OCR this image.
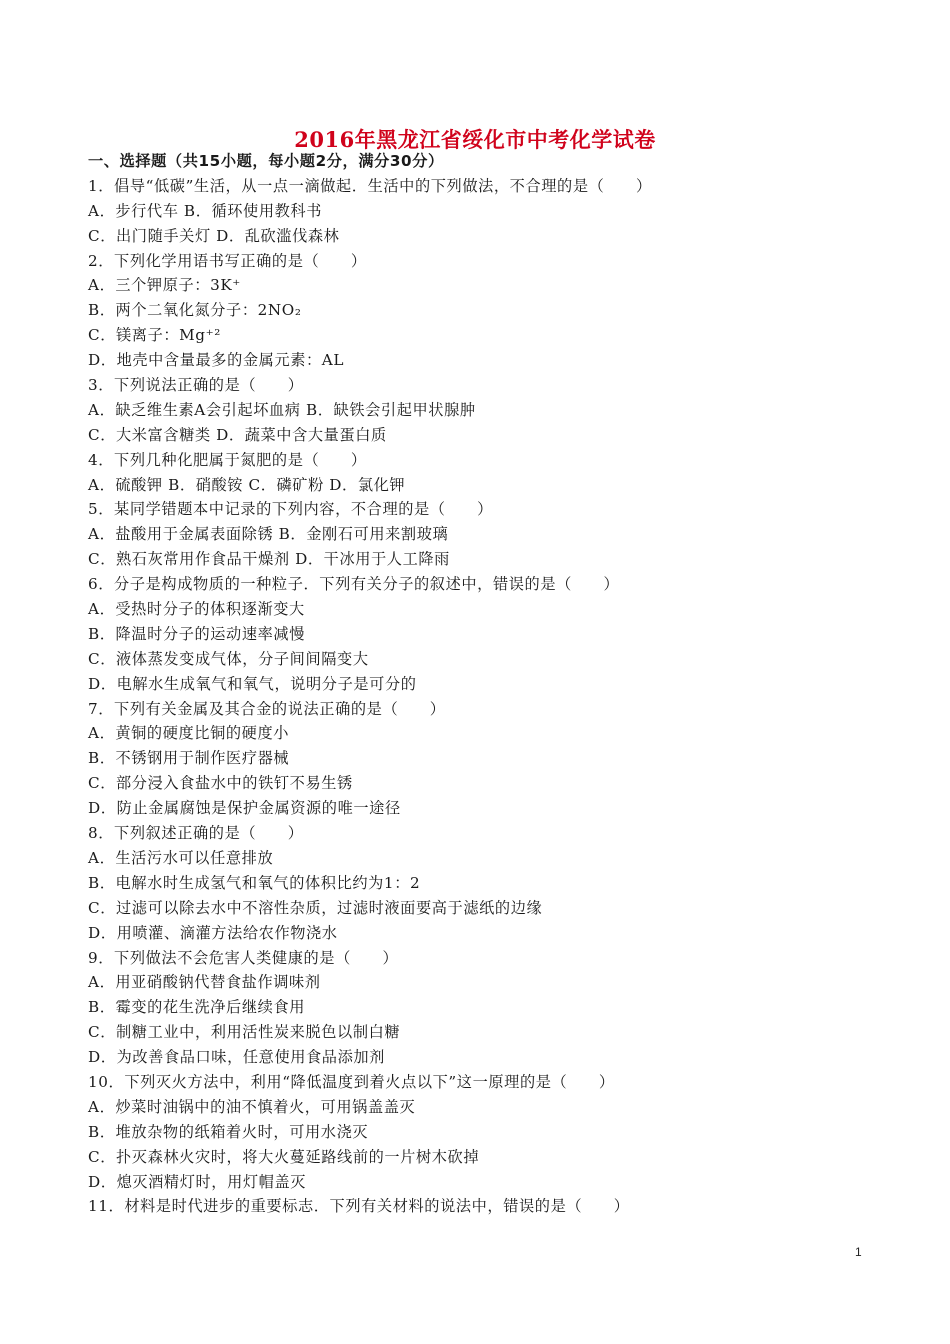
2016年黑龙江省绥化市中考化学试卷
一、选择题（共15小题，每小题2分，满分30分）
1．倡导“低碳”生活，从一点一滴做起．生活中的下列做法，不合理的是（　　）
A．步行代车 B．循环使用教科书
C．出门随手关灯 D．乱砍滥伐森林
2．下列化学用语书写正确的是（　　）
A．三个钾原子：3K⁺
B．两个二氧化氮分子：2NO₂
C．镁离子：Mg⁺²
D．地壳中含量最多的金属元素：AL
3．下列说法正确的是（　　）
A．缺乏维生素A会引起坏血病 B．缺铁会引起甲状腺肿
C．大米富含糖类 D．蔬菜中含大量蛋白质
4．下列几种化肥属于氮肥的是（　　）
A．硫酸钾 B．硝酸铵 C．磷矿粉 D．氯化钾
5．某同学错题本中记录的下列内容，不合理的是（　　）
A．盐酸用于金属表面除锈 B．金刚石可用来割玻璃
C．熟石灰常用作食品干燥剂 D．干冰用于人工降雨
6．分子是构成物质的一种粒子．下列有关分子的叙述中，错误的是（　　）
A．受热时分子的体积逐渐变大
B．降温时分子的运动速率减慢
C．液体蒸发变成气体，分子间间隔变大
D．电解水生成氧气和氧气，说明分子是可分的
7．下列有关金属及其合金的说法正确的是（　　）
A．黄铜的硬度比铜的硬度小
B．不锈钢用于制作医疗器械
C．部分浸入食盐水中的铁钉不易生锈
D．防止金属腐蚀是保护金属资源的唯一途径
8．下列叙述正确的是（　　）
A．生活污水可以任意排放
B．电解水时生成氢气和氧气的体积比约为1：2
C．过滤可以除去水中不溶性杂质，过滤时液面要高于滤纸的边缘
D．用喷灌、滴灌方法给农作物浇水
9．下列做法不会危害人类健康的是（　　）
A．用亚硝酸钠代替食盐作调味剂
B．霉变的花生洗净后继续食用
C．制糖工业中，利用活性炭来脱色以制白糖
D．为改善食品口味，任意使用食品添加剂
10．下列灭火方法中，利用“降低温度到着火点以下”这一原理的是（　　）
A．炒菜时油锅中的油不慎着火，可用锅盖盖灭
B．堆放杂物的纸箱着火时，可用水浇灭
C．扑灭森林火灾时，将大火蔓延路线前的一片树木砍掉
D．熄灭酒精灯时，用灯帽盖灭
11．材料是时代进步的重要标志．下列有关材料的说法中，错误的是（　　）
1
